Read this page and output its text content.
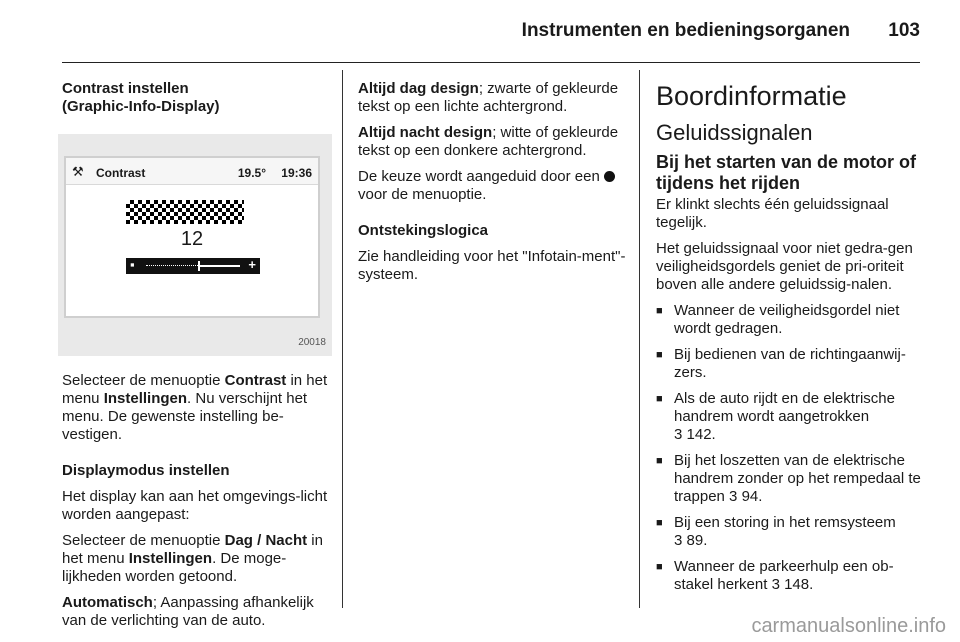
Instrumenten en bedieningsorganen 103

Contrast instellen
(Graphic-Info-Display)

⚒ Contrast	19.5° 19:36
12
▪	+
20018

Selecteer de menuoptie Contrast in het menu Instellingen. Nu verschijnt het menu. De gewenste instelling be-vestigen.

Displaymodus instellen

Het display kan aan het omgevings-licht worden aangepast:

Selecteer de menuoptie Dag / Nacht in het menu Instellingen. De moge-lijkheden worden getoond.

Automatisch; Aanpassing afhankelijk van de verlichting van de auto.

Altijd dag design; zwarte of gekleurde tekst op een lichte achtergrond.

Altijd nacht design; witte of gekleurde tekst op een donkere achtergrond.

De keuze wordt aangeduid door een  voor de menuoptie.

Ontstekingslogica

Zie handleiding voor het "Infotain-ment"-systeem.

Boordinformatie
Geluidssignalen
Bij het starten van de motor of tijdens het rijden

Er klinkt slechts één geluidssignaal tegelijk.

Het geluidssignaal voor niet gedra-gen veiligheidsgordels geniet de pri-oriteit boven alle andere geluidssig-nalen.

■ Wanneer de veiligheidsgordel niet wordt gedragen.
■ Bij bedienen van de richtingaanwij-zers.
■ Als de auto rijdt en de elektrische handrem wordt aangetrokken
3 142.
■ Bij het loszetten van de elektrische handrem zonder op het rempedaal te trappen 3 94.
■ Bij een storing in het remsysteem
3 89.
■ Wanneer de parkeerhulp een ob-stakel herkent 3 148.
carmanualsonline.info
